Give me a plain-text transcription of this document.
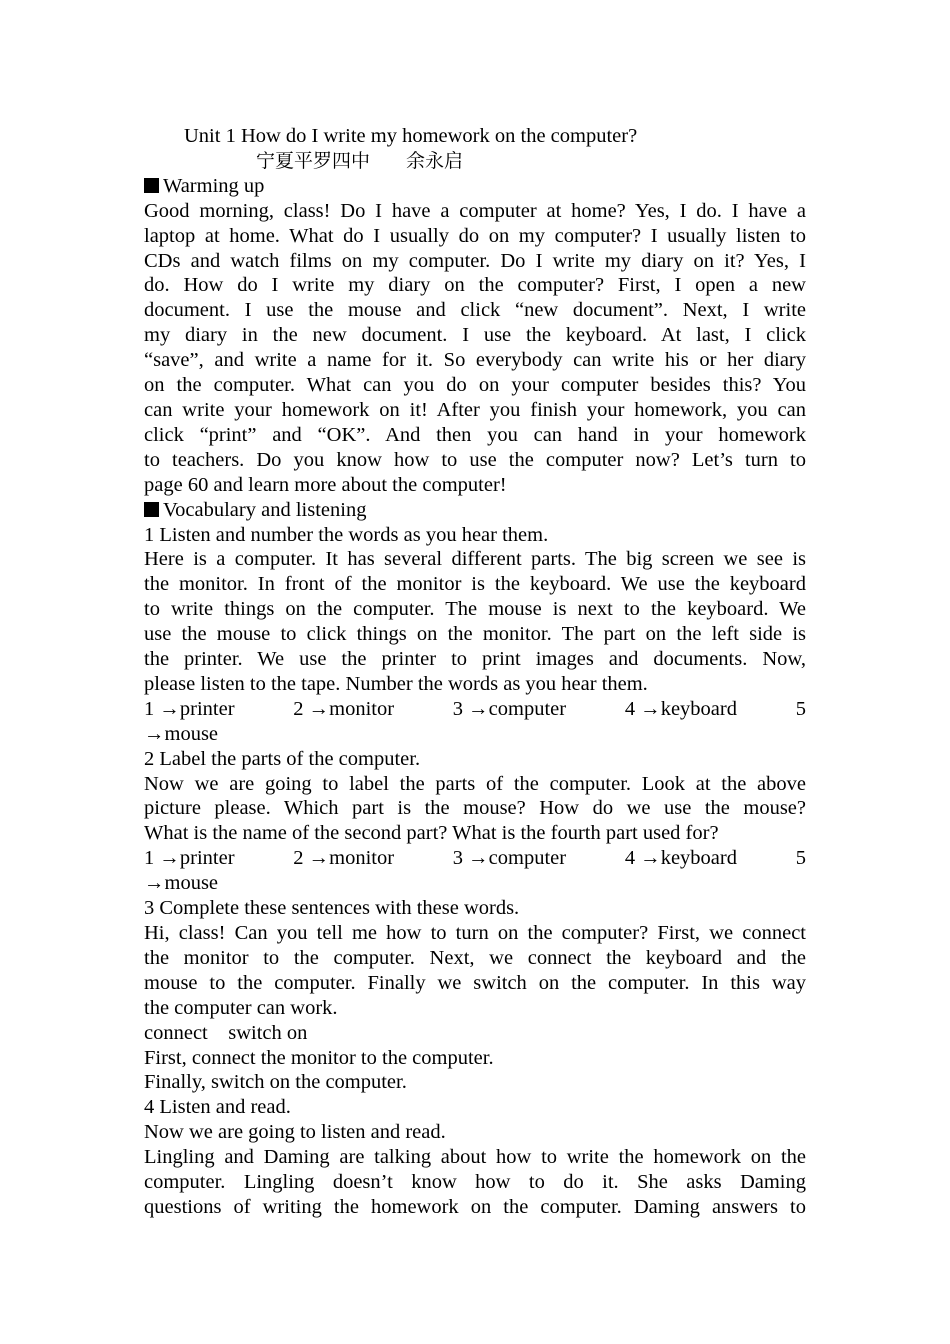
Unit 1 How do I write my homework on the computer?
宁夏平罗四中 余永启
Warming up
Good morning, class! Do I have a computer at home? Yes, I do. I have a
laptop at home. What do I usually do on my computer? I usually listen to
CDs and watch films on my computer. Do I write my diary on it? Yes, I
do. How do I write my diary on the computer? First, I open a new
document. I use the mouse and click “new document”. Next, I write
my diary in the new document. I use the keyboard. At last, I click
“save”, and write a name for it. So everybody can write his or her diary
on the computer. What can you do on your computer besides this? You
can write your homework on it! After you finish your homework, you can
click “print” and “OK”. And then you can hand in your homework
to teachers. Do you know how to use the computer now? Let’s turn to
page 60 and learn more about the computer!
Vocabulary and listening
1 Listen and number the words as you hear them.
Here is a computer. It has several different parts. The big screen we see is
the monitor. In front of the monitor is the keyboard. We use the keyboard
to write things on the computer. The mouse is next to the keyboard. We
use the mouse to click things on the monitor. The part on the left side is
the printer. We use the printer to print images and documents. Now,
please listen to the tape. Number the words as you hear them.
1 →printer	2 →monitor	3 →computer	4 →keyboard	5
→mouse
2 Label the parts of the computer.
Now we are going to label the parts of the computer. Look at the above
picture please. Which part is the mouse? How do we use the mouse?
What is the name of the second part? What is the fourth part used for?
1 →printer	2 →monitor	3 →computer	4 →keyboard	5
→mouse
3 Complete these sentences with these words.
Hi, class! Can you tell me how to turn on the computer? First, we connect
the monitor to the computer. Next, we connect the keyboard and the
mouse to the computer. Finally we switch on the computer. In this way
the computer can work.
connect    switch on
First, connect the monitor to the computer.
Finally, switch on the computer.
4 Listen and read.
Now we are going to listen and read.
Lingling and Daming are talking about how to write the homework on the
computer. Lingling doesn’t know how to do it. She asks Daming
questions of writing the homework on the computer. Daming answers to
